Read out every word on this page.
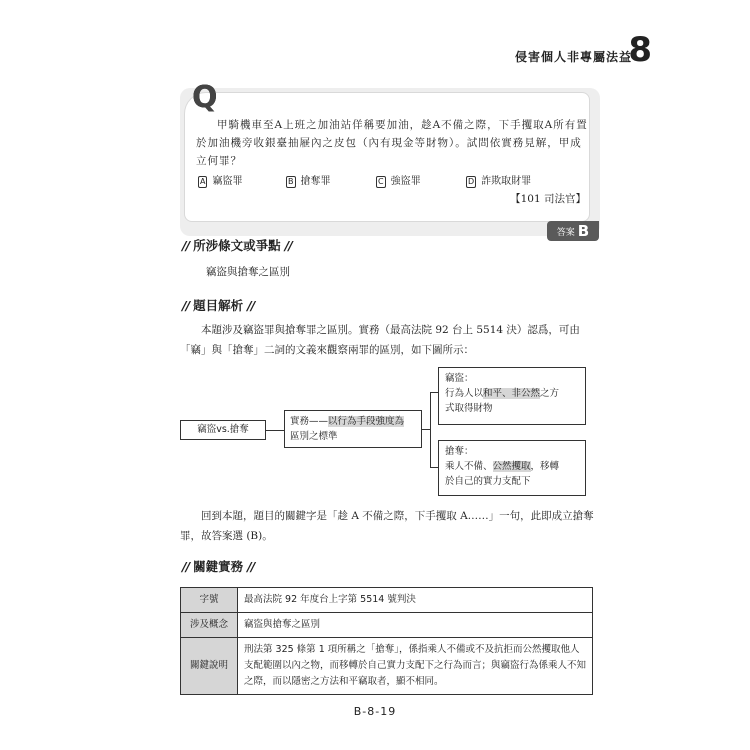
侵害個人非專屬法益
8
Q

甲騎機車至A上班之加油站佯稱要加油，趁A不備之際，下手攫取A所有置於加油機旁收銀臺抽屜內之皮包（內有現金等財物）。試問依實務見解，甲成立何罪？

A 竊盜罪	B 搶奪罪	C 強盜罪	D 詐欺取財罪
【101 司法官】
答案 B
// 所涉條文或爭點 //
竊盜與搶奪之區別
// 題目解析 //
本題涉及竊盜罪與搶奪罪之區別。實務（最高法院 92 台上 5514 決）認爲，可由「竊」與「搶奪」二詞的文義來觀察兩罪的區別，如下圖所示：
竊盜vs.搶奪
實務——以行為手段強度為
區別之標準
竊盜：
行為人以和平、非公然之方
式取得財物
搶奪：
乘人不備、公然攫取，移轉
於自己的實力支配下
回到本題，題目的關鍵字是「趁 A 不備之際，下手攫取 A……」一句，此即成立搶奪罪，故答案選 (B)。
// 關鍵實務 //
字號	最高法院 92 年度台上字第 5514 號判決
涉及概念	竊盜與搶奪之區別
關鍵說明	刑法第 325 條第 1 項所稱之「搶奪」，係指乘人不備或不及抗拒而公然攫取他人支配範圍以內之物，而移轉於自己實力支配下之行為而言；與竊盜行為係乘人不知之際，而以隱密之方法和平竊取者，顯不相同。
B-8-19
